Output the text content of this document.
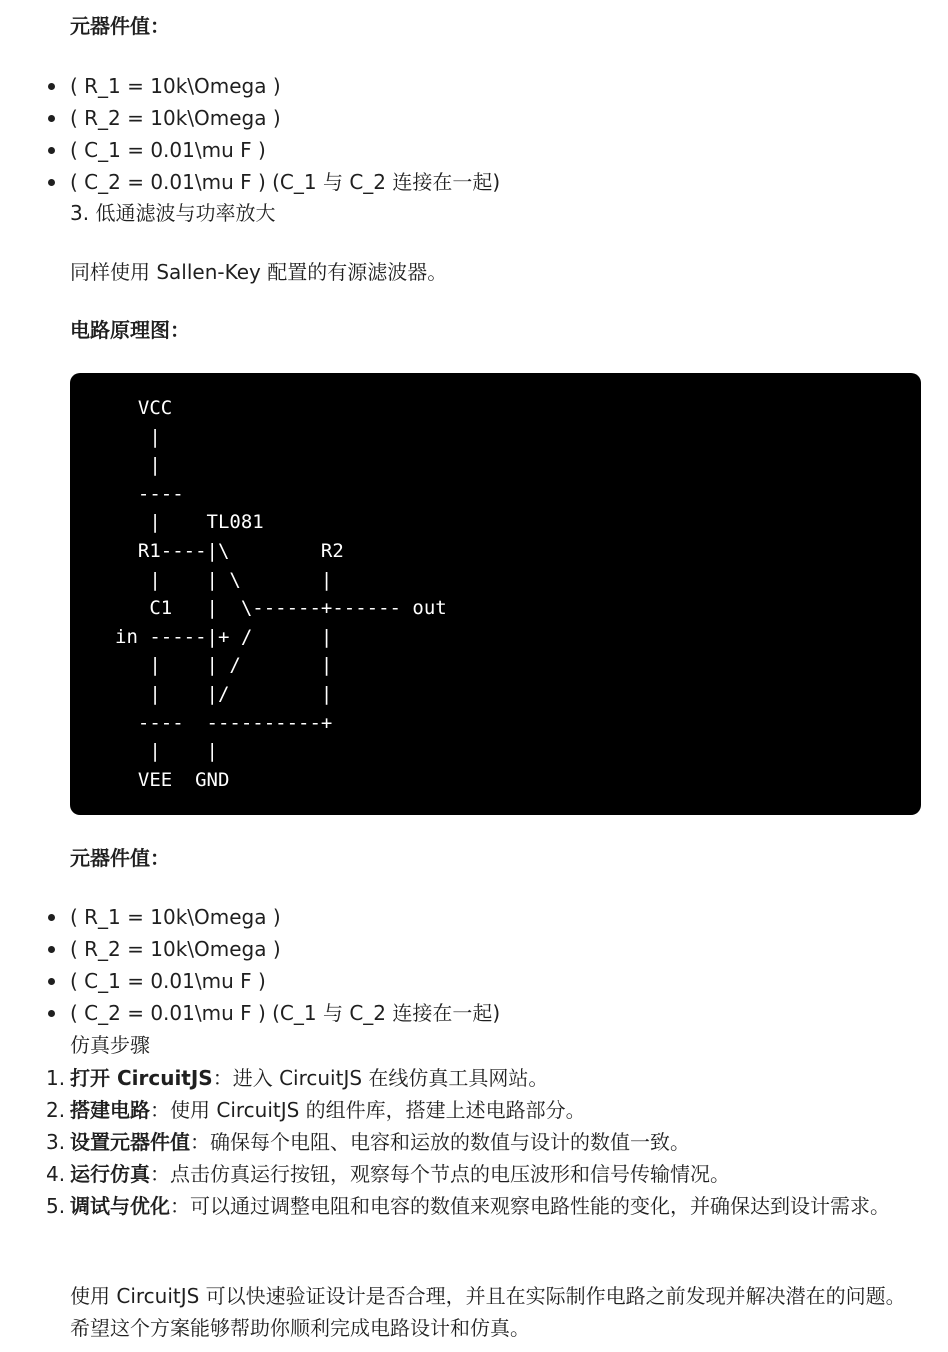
元器件值：
( R_1 = 10k\Omega )
( R_2 = 10k\Omega )
( C_1 = 0.01\mu F )
( C_2 = 0.01\mu F ) (C_1 与 C_2 连接在一起)
3. 低通滤波与功率放大
同样使用 Sallen-Key 配置的有源滤波器。
电路原理图：
VCC
|
|
----
|    TL081
R1----|\        R2
|    | \       |
C1   |  \------+------ out
in -----|+ /      |
|    | /       |
|    |/        |
----  ----------+
|    |
VEE  GND
元器件值：
( R_1 = 10k\Omega )
( R_2 = 10k\Omega )
( C_1 = 0.01\mu F )
( C_2 = 0.01\mu F ) (C_1 与 C_2 连接在一起)
仿真步骤
1. 打开 CircuitJS：进入 CircuitJS 在线仿真工具网站。
2. 搭建电路：使用 CircuitJS 的组件库，搭建上述电路部分。
3. 设置元器件值：确保每个电阻、电容和运放的数值与设计的数值一致。
4. 运行仿真：点击仿真运行按钮，观察每个节点的电压波形和信号传输情况。
5. 调试与优化：可以通过调整电阻和电容的数值来观察电路性能的变化，并确保达到设计需求。
使用 CircuitJS 可以快速验证设计是否合理，并且在实际制作电路之前发现并解决潜在的问题。希望这个方案能够帮助你顺利完成电路设计和仿真。
